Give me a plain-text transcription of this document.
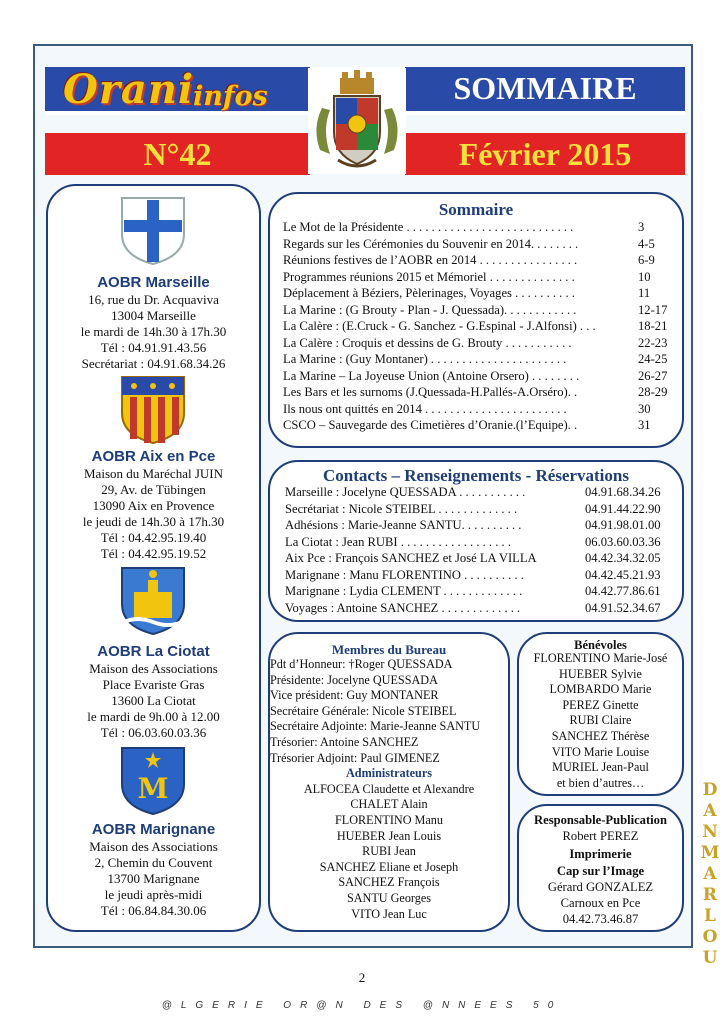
Orani
infos	SOMMAIRE
N°42	Février 2015
AOBR Marseille
16, rue du Dr. Acquaviva
13004 Marseille
le mardi de 14h.30 à 17h.30
Tél : 04.91.91.43.56
Secrétariat : 04.91.68.34.26
AOBR Aix en Pce
Maison du Maréchal JUIN
29, Av. de Tübingen
13090 Aix en Provence
le jeudi de 14h.30 à 17h.30
Tél : 04.42.95.19.40
Tél : 04.42.95.19.52
AOBR La Ciotat
Maison des Associations
Place Evariste Gras
13600 La Ciotat
le mardi de 9h.00 à 12.00
Tél : 06.03.60.03.36
M
AOBR Marignane
Maison des Associations
2, Chemin du Couvent
13700 Marignane
le jeudi après-midi
Tél : 06.84.84.30.06
Sommaire
Le Mot de la Présidente . . . . . . . . . . . . . . . . . . . . . . . . . . .	3
Regards sur les Cérémonies du Souvenir en 2014. . . . . . . .	4-5
Réunions festives de l’AOBR en 2014 . . . . . . . . . . . . . . . .	6-9
Programmes réunions 2015 et Mémoriel . . . . . . . . . . . . . .	10
Déplacement à Béziers, Pèlerinages, Voyages . . . . . . . . . .	11
La Marine : (G Brouty - Plan - J. Quessada). . . . . . . . . . . .	12-17
La Calère : (E.Cruck - G. Sanchez - G.Espinal - J.Alfonsi) . . .	18-21
La Calère : Croquis et dessins de G. Brouty . . . . . . . . . . .	22-23
La Marine : (Guy Montaner) . . . . . . . . . . . . . . . . . . . . . .	24-25
La Marine – La Joyeuse Union (Antoine Orsero) . . . . . . . .	26-27
Les Bars et les surnoms (J.Quessada-H.Pallés-A.Orséro). .	28-29
Ils nous ont quittés en 2014 . . . . . . . . . . . . . . . . . . . . . . .	30
CSCO – Sauvegarde des Cimetières d’Oranie.(l’Equipe). .	31
Contacts – Renseignements - Réservations
Marseille : Jocelyne QUESSADA . . . . . . . . . . .	04.91.68.34.26
Secrétariat : Nicole STEIBEL . . . . . . . . . . . . .	04.91.44.22.90
Adhésions : Marie-Jeanne SANTU. . . . . . . . . .	04.91.98.01.00
La Ciotat : Jean RUBI . . . . . . . . . . . . . . . . . .	06.03.60.03.36
Aix Pce : François SANCHEZ et José LA VILLA	04.42.34.32.05
Marignane : Manu FLORENTINO . . . . . . . . . .	04.42.45.21.93
Marignane : Lydia CLEMENT . . . . . . . . . . . . .	04.42.77.86.61
Voyages : Antoine SANCHEZ . . . . . . . . . . . . .	04.91.52.34.67
Membres du Bureau
Pdt d’Honneur: †Roger QUESSADA
Présidente: Jocelyne QUESSADA
Vice président: Guy MONTANER
Secrétaire Générale: Nicole STEIBEL
Secrétaire Adjointe: Marie-Jeanne SANTU
Trésorier: Antoine SANCHEZ
Trésorier Adjoint: Paul GIMENEZ
Administrateurs
ALFOCEA Claudette et Alexandre
CHALET Alain
FLORENTINO Manu
HUEBER Jean Louis
RUBI Jean
SANCHEZ Eliane et Joseph
SANCHEZ François
SANTU Georges
VITO Jean Luc
Bénévoles
FLORENTINO Marie-José
HUEBER Sylvie
LOMBARDO Marie
PEREZ Ginette
RUBI Claire
SANCHEZ Thérèse
VITO Marie Louise
MURIEL Jean-Paul
et bien d’autres…
Responsable-Publication
Robert PEREZ
Imprimerie
Cap sur l’Image
Gérard GONZALEZ
Carnoux en Pce
04.42.73.46.87
2
@LGERIE OR@N DES @NNEES 50
D
A
N
M
A
R
L
O
U
